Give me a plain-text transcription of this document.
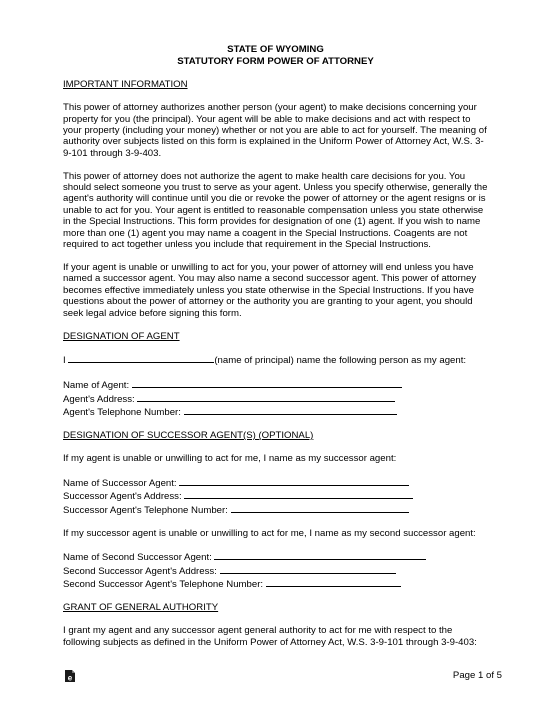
STATE OF WYOMING
STATUTORY FORM POWER OF ATTORNEY

IMPORTANT INFORMATION

This power of attorney authorizes another person (your agent) to make decisions concerning your property for you (the principal). Your agent will be able to make decisions and act with respect to your property (including your money) whether or not you are able to act for yourself. The meaning of authority over subjects listed on this form is explained in the Uniform Power of Attorney Act, W.S. 3-9-101 through 3-9-403.

This power of attorney does not authorize the agent to make health care decisions for you. You should select someone you trust to serve as your agent. Unless you specify otherwise, generally the agent's authority will continue until you die or revoke the power of attorney or the agent resigns or is unable to act for you. Your agent is entitled to reasonable compensation unless you state otherwise in the Special Instructions. This form provides for designation of one (1) agent. If you wish to name more than one (1) agent you may name a coagent in the Special Instructions. Coagents are not required to act together unless you include that requirement in the Special Instructions.

If your agent is unable or unwilling to act for you, your power of attorney will end unless you have named a successor agent. You may also name a second successor agent. This power of attorney becomes effective immediately unless you state otherwise in the Special Instructions. If you have questions about the power of attorney or the authority you are granting to your agent, you should seek legal advice before signing this form.

DESIGNATION OF AGENT

I	(name of principal) name the following person as my agent:

Name of Agent:

Agent's Address:

Agent's Telephone Number:

DESIGNATION OF SUCCESSOR AGENT(S) (OPTIONAL)

If my agent is unable or unwilling to act for me, I name as my successor agent:

Name of Successor Agent:

Successor Agent's Address:

Successor Agent's Telephone Number:

If my successor agent is unable or unwilling to act for me, I name as my second successor agent:

Name of Second Successor Agent:

Second Successor Agent's Address:

Second Successor Agent's Telephone Number:

GRANT OF GENERAL AUTHORITY

I grant my agent and any successor agent general authority to act for me with respect to the following subjects as defined in the Uniform Power of Attorney Act, W.S. 3-9-101 through 3-9-403:

e	Page 1 of 5
